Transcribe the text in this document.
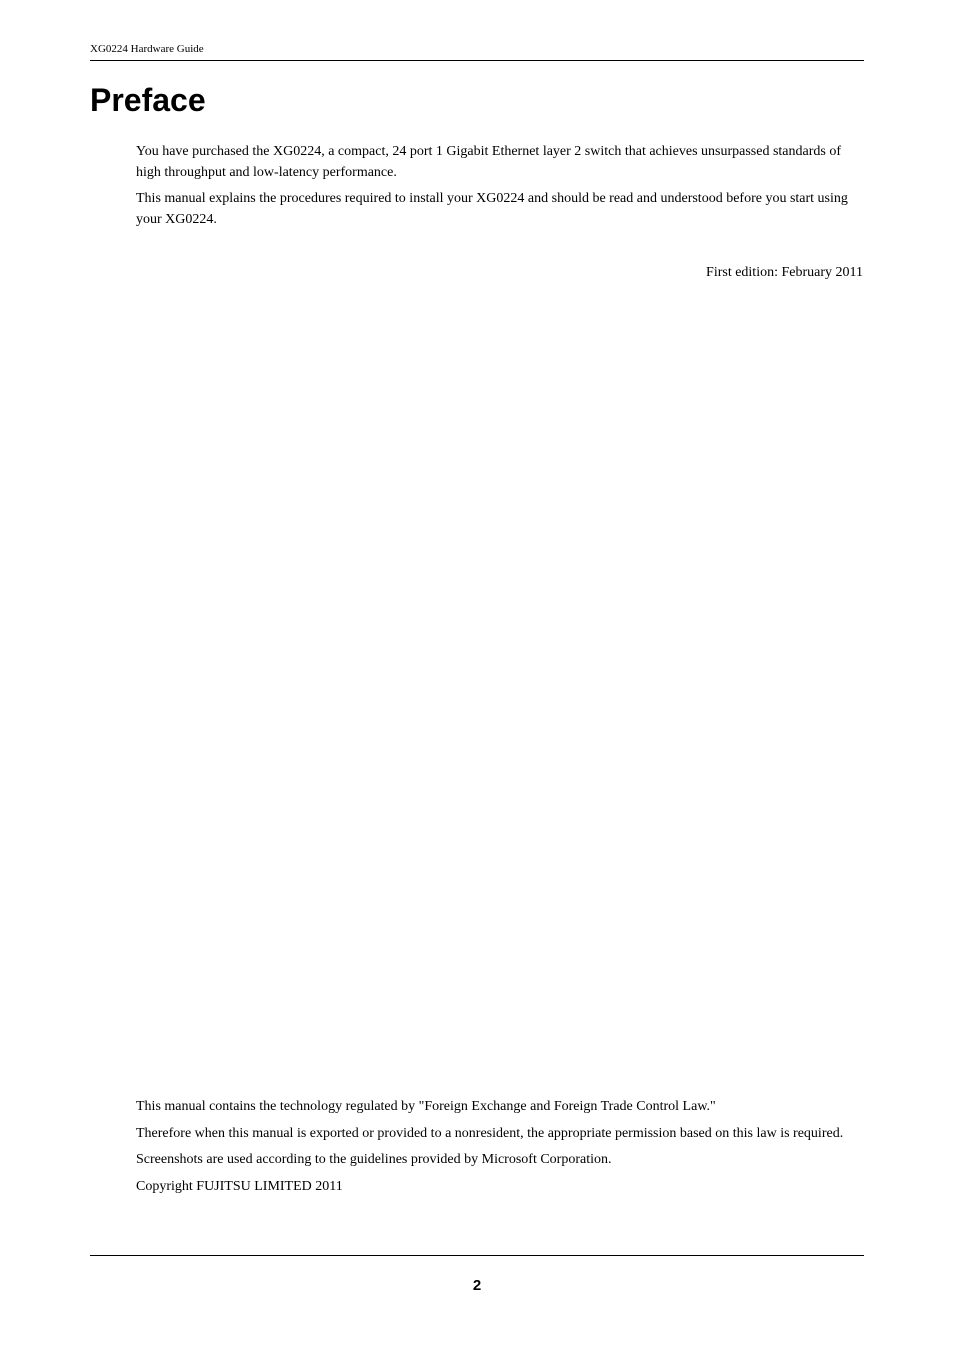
XG0224 Hardware Guide
Preface

You have purchased the XG0224, a compact, 24 port 1 Gigabit Ethernet layer 2 switch that achieves unsurpassed standards of high throughput and low-latency performance.

This manual explains the procedures required to install your XG0224 and should be read and understood before you start using your XG0224.

First edition: February 2011

This manual contains the technology regulated by "Foreign Exchange and Foreign Trade Control Law."

Therefore when this manual is exported or provided to a nonresident, the appropriate permission based on this law is required.

Screenshots are used according to the guidelines provided by Microsoft Corporation.

Copyright FUJITSU LIMITED 2011

2
